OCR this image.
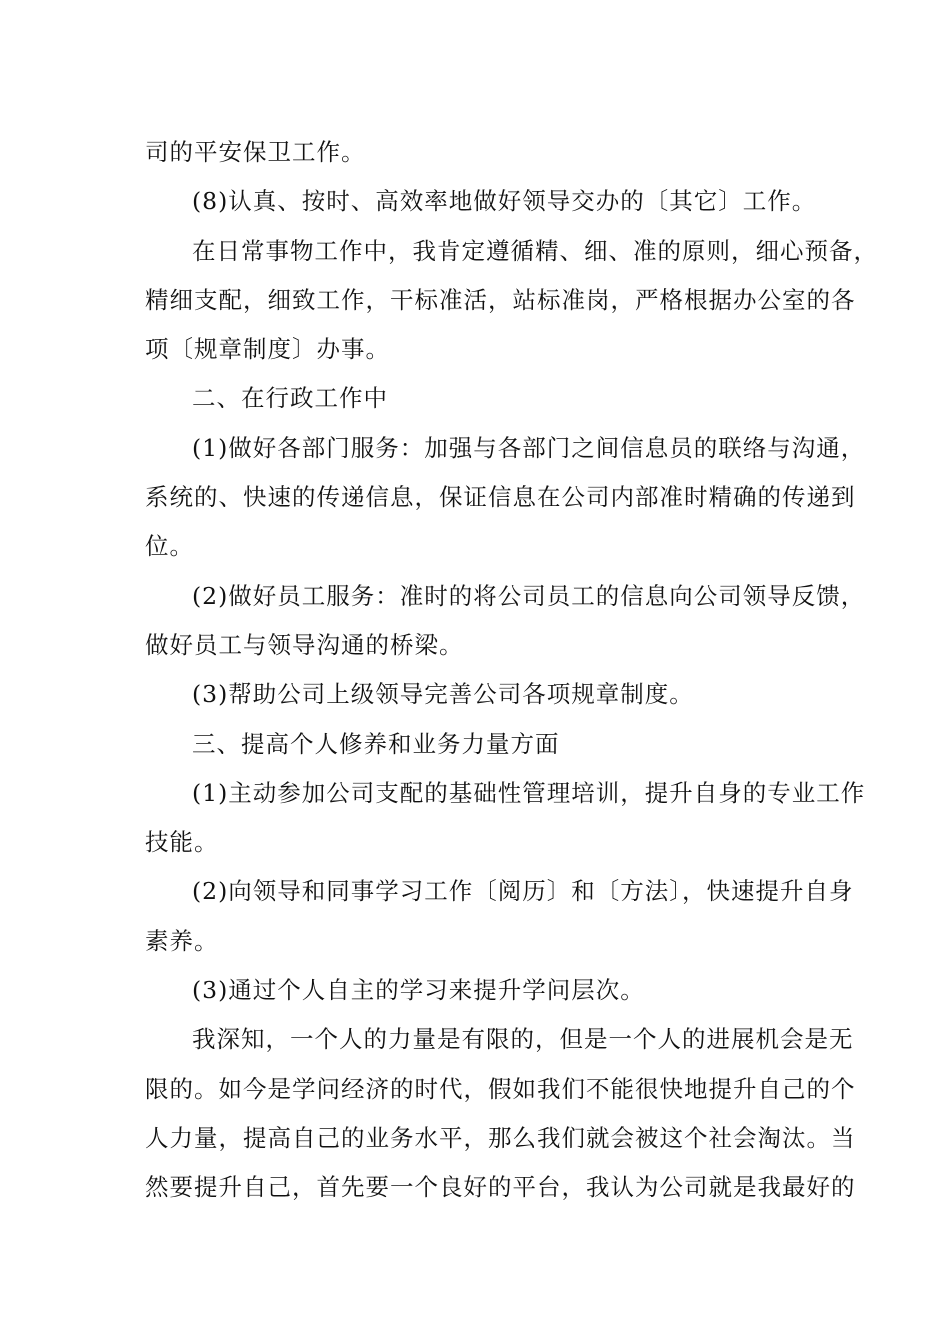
司的平安保卫工作。
(8)认真、按时、高效率地做好领导交办的〔其它〕工作。
在日常事物工作中，我肯定遵循精、细、准的原则，细心预备，
精细支配，细致工作，干标准活，站标准岗，严格根据办公室的各
项〔规章制度〕办事。
二、在行政工作中
(1)做好各部门服务：加强与各部门之间信息员的联络与沟通，
系统的、快速的传递信息，保证信息在公司内部准时精确的传递到
位。
(2)做好员工服务：准时的将公司员工的信息向公司领导反馈，
做好员工与领导沟通的桥梁。
(3)帮助公司上级领导完善公司各项规章制度。
三、提高个人修养和业务力量方面
(1)主动参加公司支配的基础性管理培训，提升自身的专业工作
技能。
(2)向领导和同事学习工作〔阅历〕和〔方法〕，快速提升自身
素养。
(3)通过个人自主的学习来提升学问层次。
我深知，一个人的力量是有限的，但是一个人的进展机会是无
限的。如今是学问经济的时代，假如我们不能很快地提升自己的个
人力量，提高自己的业务水平，那么我们就会被这个社会淘汰。当
然要提升自己，首先要一个良好的平台，我认为公司就是我最好的
